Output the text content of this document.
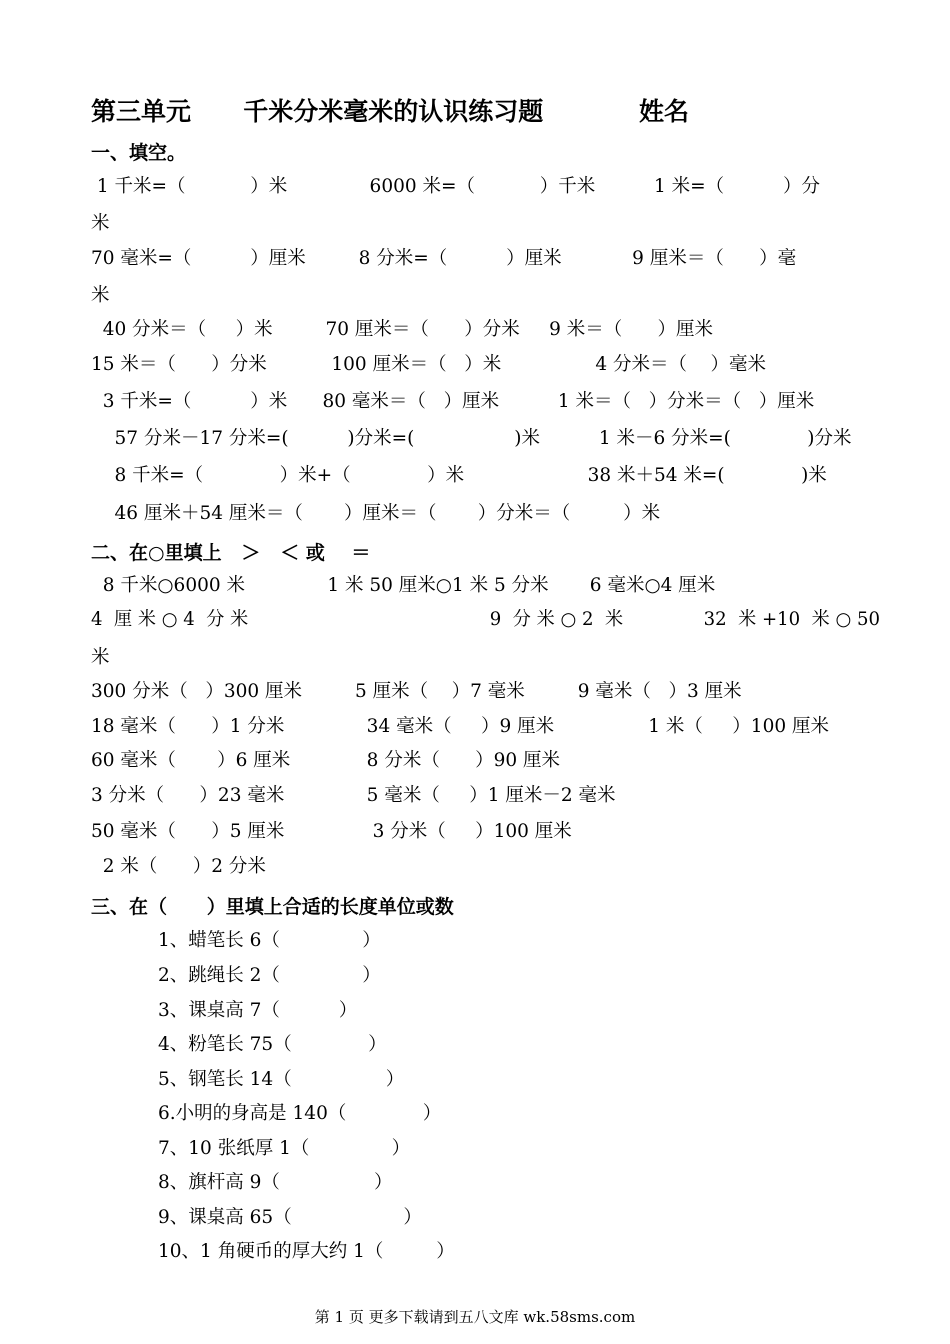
第三单元      千米分米毫米的认识练习题           姓名
一、填空。
1 千米=（           ）米              6000 米=（           ）千米          1 米=（          ）分
米
70 毫米=（          ）厘米         8 分米=（          ）厘米            9 厘米＝（      ）毫
米
40 分米＝（     ）米         70 厘米＝（      ）分米     9 米＝（      ）厘米
15 米＝（      ）分米           100 厘米＝（   ）米                4 分米＝（    ）毫米
3 千米=（          ）米      80 毫米＝（   ）厘米          1 米＝（   ）分米＝（   ）厘米
57 分米－17 分米=(          )分米=(                 )米          1 米－6 分米=(             )分米
8 千米=（             ）米+（             ）米                     38 米＋54 米=(             )米
46 厘米＋54 厘米＝（       ）厘米＝（       ）分米＝（         ）米
二、在○里填上   ＞   ＜ 或    ＝
8 千米○6000 米              1 米 50 厘米○1 米 5 分米       6 毫米○4 厘米
4  厘 米 ○ 4  分 米                                          9  分 米 ○ 2  米              32  米 +10  米 ○ 50
米
300 分米（   ）300 厘米         5 厘米（    ）7 毫米         9 毫米（   ）3 厘米
18 毫米（      ）1 分米              34 毫米（     ）9 厘米                1 米（     ）100 厘米
60 毫米（       ）6 厘米             8 分米（      ）90 厘米
3 分米（      ）23 毫米              5 毫米（     ）1 厘米－2 毫米
50 毫米（      ）5 厘米               3 分米（     ）100 厘米
2 米（      ）2 分米
三、在（      ）里填上合适的长度单位或数
1、蜡笔长 6（              ）
2、跳绳长 2（              ）
3、课桌高 7（          ）
4、粉笔长 75（             ）
5、钢笔长 14（                ）
6.小明的身高是 140（             ）
7、10 张纸厚 1（              ）
8、旗杆高 9（                ）
9、课桌高 65（                   ）
10、1 角硬币的厚大约 1（         ）
第 1 页 更多下载请到五八文库 wk.58sms.com
